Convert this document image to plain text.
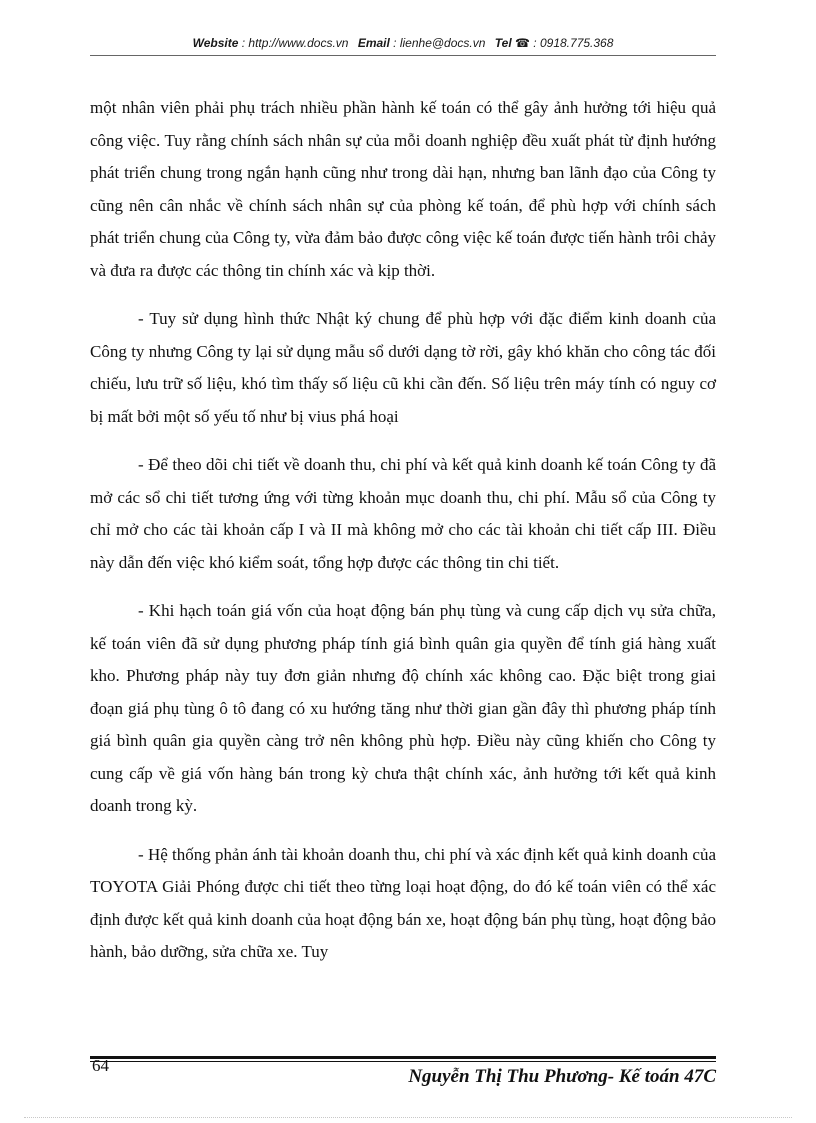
Website : http://www.docs.vn Email : lienhe@docs.vn Tel ☎ : 0918.775.368

một nhân viên phải phụ trách nhiều phần hành kế toán có thể gây ảnh hưởng tới hiệu quả công việc. Tuy rằng chính sách nhân sự của mỗi doanh nghiệp đều xuất phát từ định hướng phát triển chung trong ngắn hạnh cũng như trong dài hạn, nhưng ban lãnh đạo của Công ty cũng nên cân nhắc về chính sách nhân sự của phòng kế toán, để phù hợp với chính sách phát triển chung của Công ty, vừa đảm bảo được công việc kế toán được tiến hành trôi chảy và đưa ra được các thông tin chính xác và kịp thời.

- Tuy sử dụng hình thức Nhật ký chung để phù hợp với đặc điểm kinh doanh của Công ty nhưng Công ty lại sử dụng mẫu sổ dưới dạng tờ rời, gây khó khăn cho công tác đối chiếu, lưu trữ số liệu, khó tìm thấy số liệu cũ khi cần đến. Số liệu trên máy tính có nguy cơ bị mất bởi một số yếu tố như bị vius phá hoại

- Để theo dõi chi tiết về doanh thu, chi phí và kết quả kinh doanh kế toán Công ty đã mở các sổ chi tiết tương ứng với từng khoản mục doanh thu, chi phí. Mẫu sổ của Công ty chỉ mở cho các tài khoản cấp I và II mà không mở cho các tài khoản chi tiết cấp III. Điều này dẫn đến việc khó kiểm soát, tổng hợp được các thông tin chi tiết.

- Khi hạch toán giá vốn của hoạt động bán phụ tùng và cung cấp dịch vụ sửa chữa, kế toán viên đã sử dụng phương pháp tính giá bình quân gia quyền để tính giá hàng xuất kho. Phương pháp này tuy đơn giản nhưng độ chính xác không cao. Đặc biệt trong giai đoạn giá phụ tùng ô tô đang có xu hướng tăng như thời gian gần đây thì phương pháp tính giá bình quân gia quyền càng trở nên không phù hợp. Điều này cũng khiến cho Công ty cung cấp về giá vốn hàng bán trong kỳ chưa thật chính xác, ảnh hưởng tới kết quả kinh doanh trong kỳ.

- Hệ thống phản ánh tài khoản doanh thu, chi phí và xác định kết quả kinh doanh của TOYOTA Giải Phóng được chi tiết theo từng loại hoạt động, do đó kế toán viên có thể xác định được kết quả kinh doanh của hoạt động bán xe, hoạt động bán phụ tùng, hoạt động bảo hành, bảo dưỡng, sửa chữa xe. Tuy

64
Nguyễn Thị Thu Phương- Kế toán 47C
